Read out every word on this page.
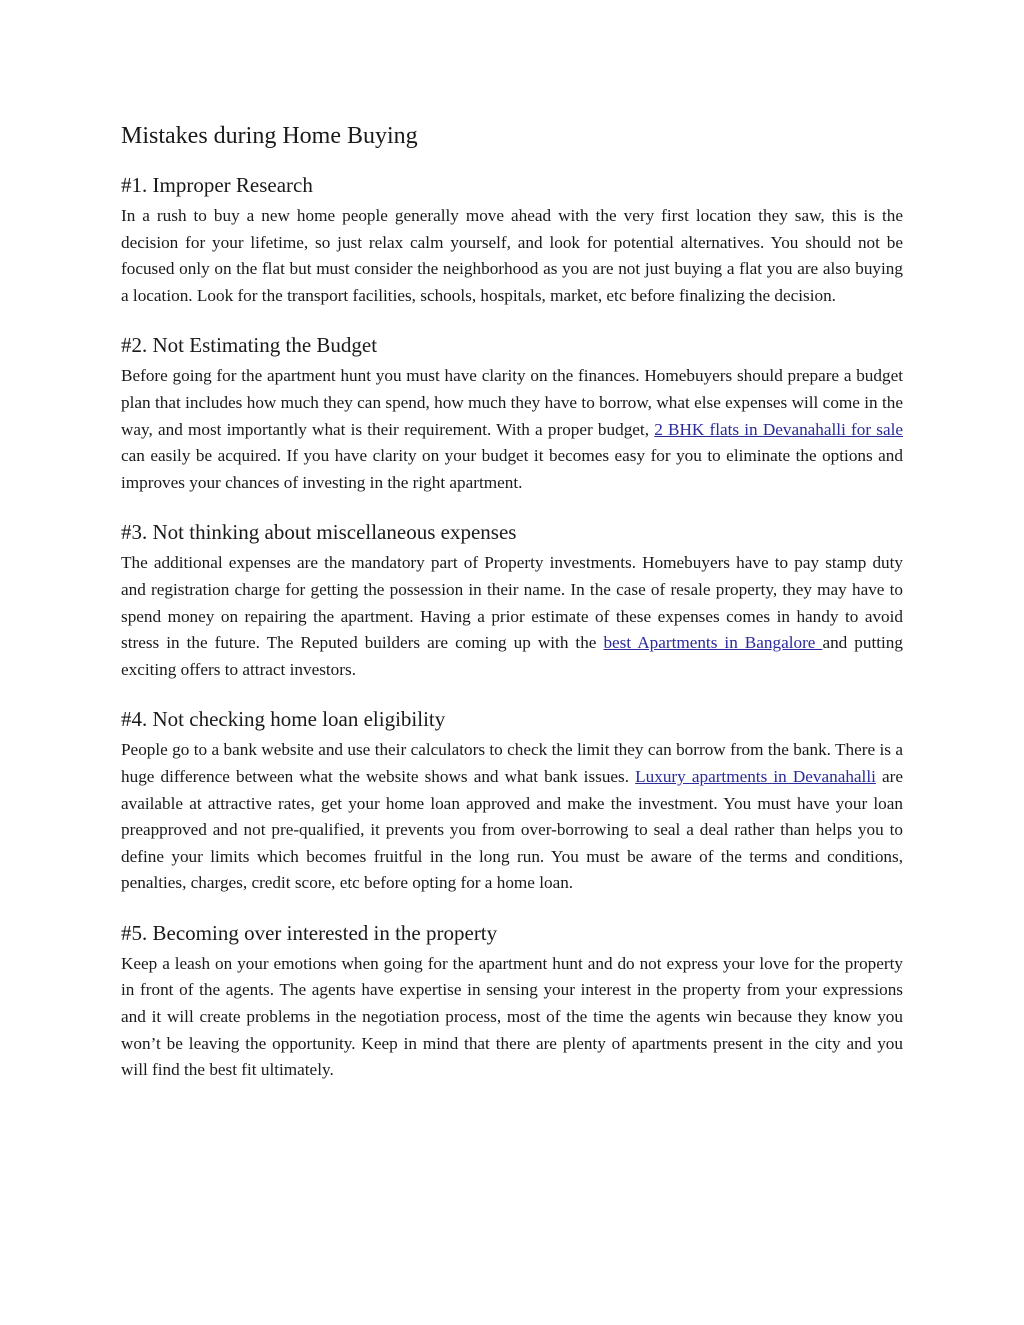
Mistakes during Home Buying
#1. Improper Research

In a rush to buy a new home people generally move ahead with the very first location they saw, this is the decision for your lifetime, so just relax calm yourself, and look for potential alternatives. You should not be focused only on the flat but must consider the neighborhood as you are not just buying a flat you are also buying a location. Look for the transport facilities, schools, hospitals, market, etc before finalizing the decision.

#2. Not Estimating the Budget

Before going for the apartment hunt you must have clarity on the finances. Homebuyers should prepare a budget plan that includes how much they can spend, how much they have to borrow, what else expenses will come in the way, and most importantly what is their requirement. With a proper budget, 2 BHK flats in Devanahalli for sale can easily be acquired. If you have clarity on your budget it becomes easy for you to eliminate the options and improves your chances of investing in the right apartment.

#3. Not thinking about miscellaneous expenses

The additional expenses are the mandatory part of Property investments. Homebuyers have to pay stamp duty and registration charge for getting the possession in their name. In the case of resale property, they may have to spend money on repairing the apartment. Having a prior estimate of these expenses comes in handy to avoid stress in the future. The Reputed builders are coming up with the best Apartments in Bangalore and putting exciting offers to attract investors.

#4. Not checking home loan eligibility

People go to a bank website and use their calculators to check the limit they can borrow from the bank. There is a huge difference between what the website shows and what bank issues. Luxury apartments in Devanahalli are available at attractive rates, get your home loan approved and make the investment. You must have your loan preapproved and not pre-qualified, it prevents you from over-borrowing to seal a deal rather than helps you to define your limits which becomes fruitful in the long run. You must be aware of the terms and conditions, penalties, charges, credit score, etc before opting for a home loan.

#5. Becoming over interested in the property

Keep a leash on your emotions when going for the apartment hunt and do not express your love for the property in front of the agents. The agents have expertise in sensing your interest in the property from your expressions and it will create problems in the negotiation process, most of the time the agents win because they know you won’t be leaving the opportunity. Keep in mind that there are plenty of apartments present in the city and you will find the best fit ultimately.
